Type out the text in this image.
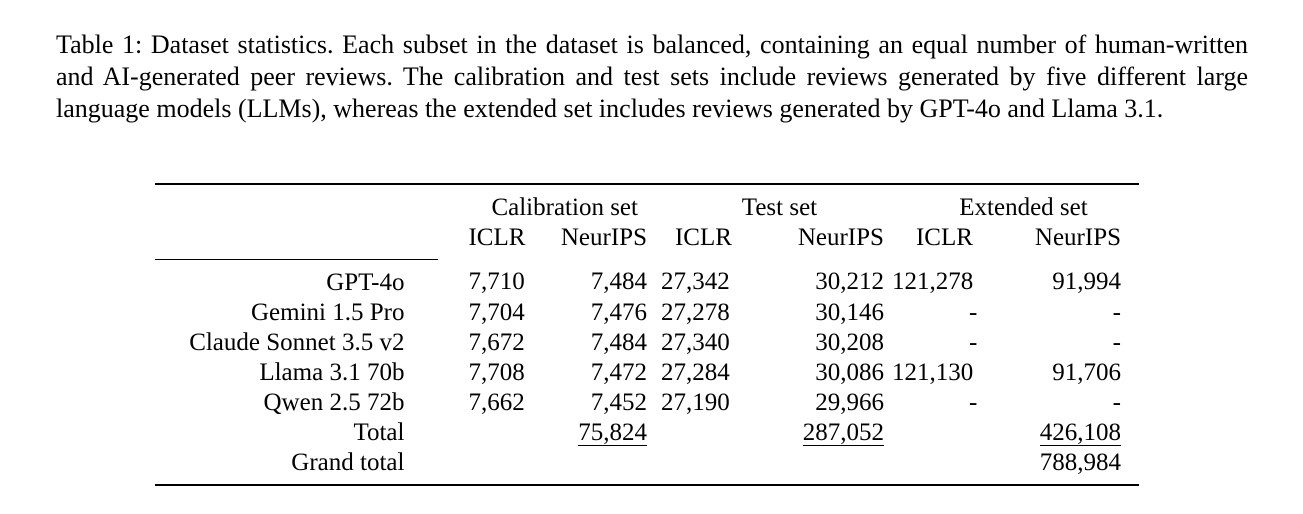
Table 1: Dataset statistics. Each subset in the dataset is balanced, containing an equal number of human-written and AI-generated peer reviews. The calibration and test sets include reviews generated by five different large language models (LLMs), whereas the extended set includes reviews generated by GPT-4o and Llama 3.1.

	Calibration set		Test set		Extended set	
	ICLR	NeurIPS	ICLR	NeurIPS	ICLR	NeurIPS
GPT-4o	7,710	7,484	27,342	30,212	121,278	91,994
Gemini 1.5 Pro	7,704	7,476	27,278	30,146	-	-
Claude Sonnet 3.5 v2	7,672	7,484	27,340	30,208	-	-
Llama 3.1 70b	7,708	7,472	27,284	30,086	121,130	91,706
Qwen 2.5 72b	7,662	7,452	27,190	29,966	-	-
Total		75,824		287,052		426,108
Grand total						788,984
